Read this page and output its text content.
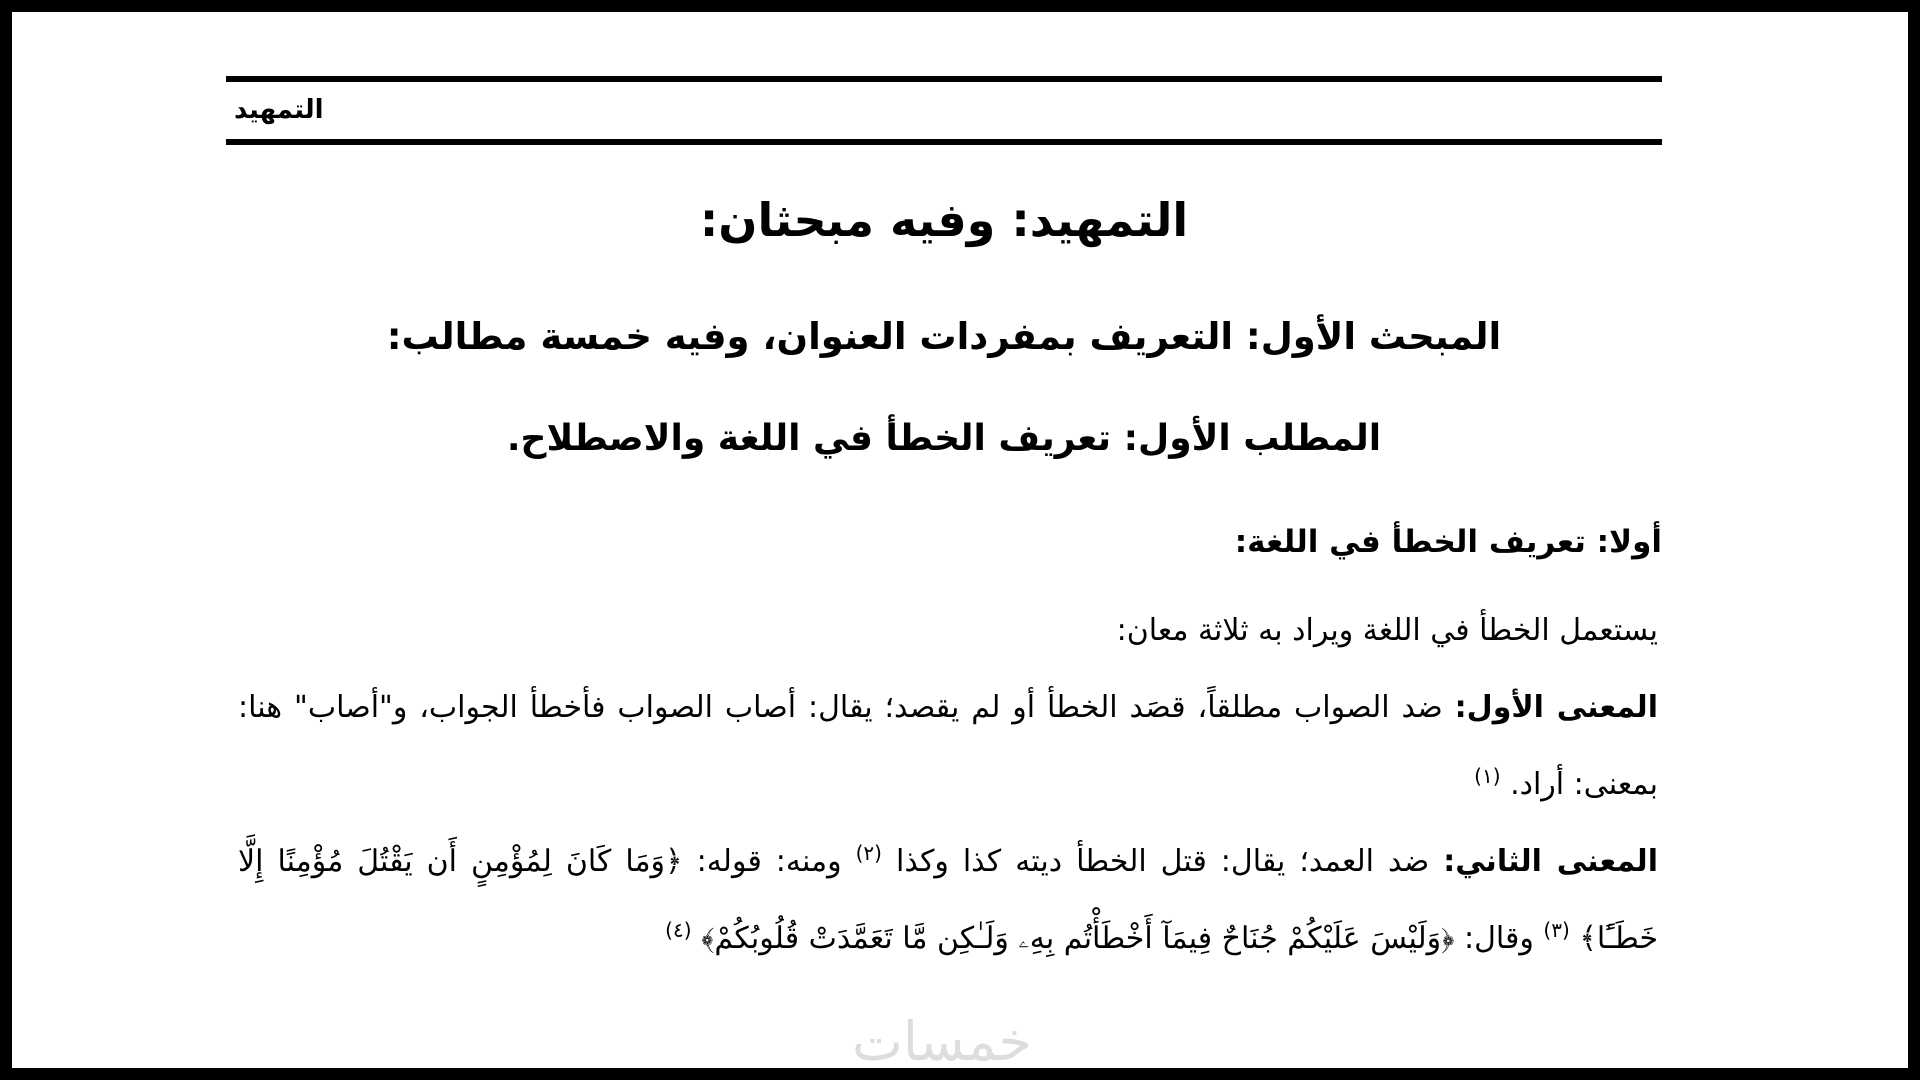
التمهيد
التمهيد: وفيه مبحثان:
المبحث الأول: التعريف بمفردات العنوان، وفيه خمسة مطالب:
المطلب الأول: تعريف الخطأ في اللغة والاصطلاح.
أولا: تعريف الخطأ في اللغة:

يستعمل الخطأ في اللغة ويراد به ثلاثة معان:

المعنى الأول: ضد الصواب مطلقاً، قصَد الخطأ أو لم يقصد؛ يقال: أصاب الصواب فأخطأ الجواب، و"أصاب" هنا: بمعنى: أراد. $^{(١)}$

المعنى الثاني: ضد العمد؛ يقال: قتل الخطأ ديته كذا وكذا $^{(٢)}$ ومنه: قوله: ﴿وَمَا كَانَ لِمُؤْمِنٍ أَن يَقْتُلَ مُؤْمِنًا إِلَّا خَطَـًٔا﴾ $^{(٣)}$ وقال: ﴿وَلَيْسَ عَلَيْكُمْ جُنَاحٌ فِيمَآ أَخْطَأْتُم بِهِۦ وَلَـٰكِن مَّا تَعَمَّدَتْ قُلُوبُكُمْ﴾ $^{(٤)}$

خمسات
